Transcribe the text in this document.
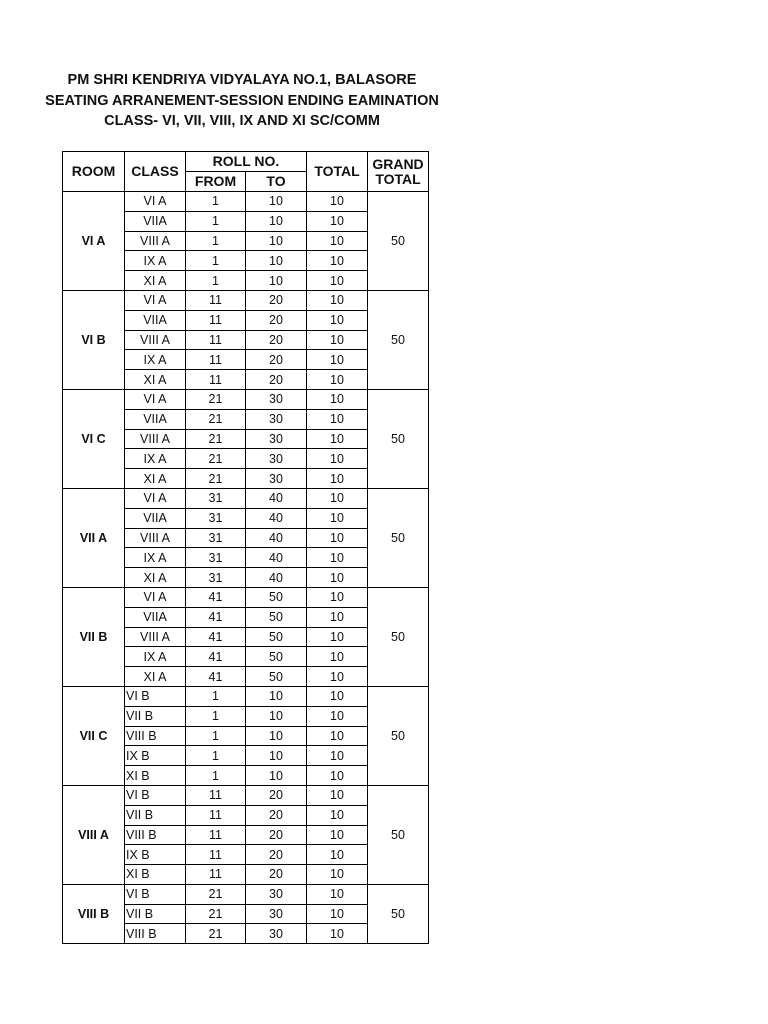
PM SHRI KENDRIYA VIDYALAYA NO.1, BALASORE
SEATING ARRANEMENT-SESSION ENDING EAMINATION
CLASS- VI, VII, VIII, IX AND XI SC/COMM
ROOM	CLASS	ROLL NO.		TOTAL	GRAND
TOTAL

		FROM	TO		
VI A	VI A	1	10	10	50
	VIIA	1	10	10	
	VIII A	1	10	10	
	IX A	1	10	10	
	XI A	1	10	10	
VI B	VI A	11	20	10	50
	VIIA	11	20	10	
	VIII A	11	20	10	
	IX A	11	20	10	
	XI A	11	20	10	
VI C	VI A	21	30	10	50
	VIIA	21	30	10	
	VIII A	21	30	10	
	IX A	21	30	10	
	XI A	21	30	10	
VII A	VI A	31	40	10	50
	VIIA	31	40	10	
	VIII A	31	40	10	
	IX A	31	40	10	
	XI A	31	40	10	
VII B	VI A	41	50	10	50
	VIIA	41	50	10	
	VIII A	41	50	10	
	IX A	41	50	10	
	XI A	41	50	10	
VII C	VI B	1	10	10	50
	VII B	1	10	10	
	VIII B	1	10	10	
	IX B	1	10	10	
	XI B	1	10	10	
VIII A	VI B	11	20	10	50
	VII B	11	20	10	
	VIII B	11	20	10	
	IX B	11	20	10	
	XI B	11	20	10	
VIII B	VI B	21	30	10	50
	VII B	21	30	10	
	VIII B	21	30	10	
